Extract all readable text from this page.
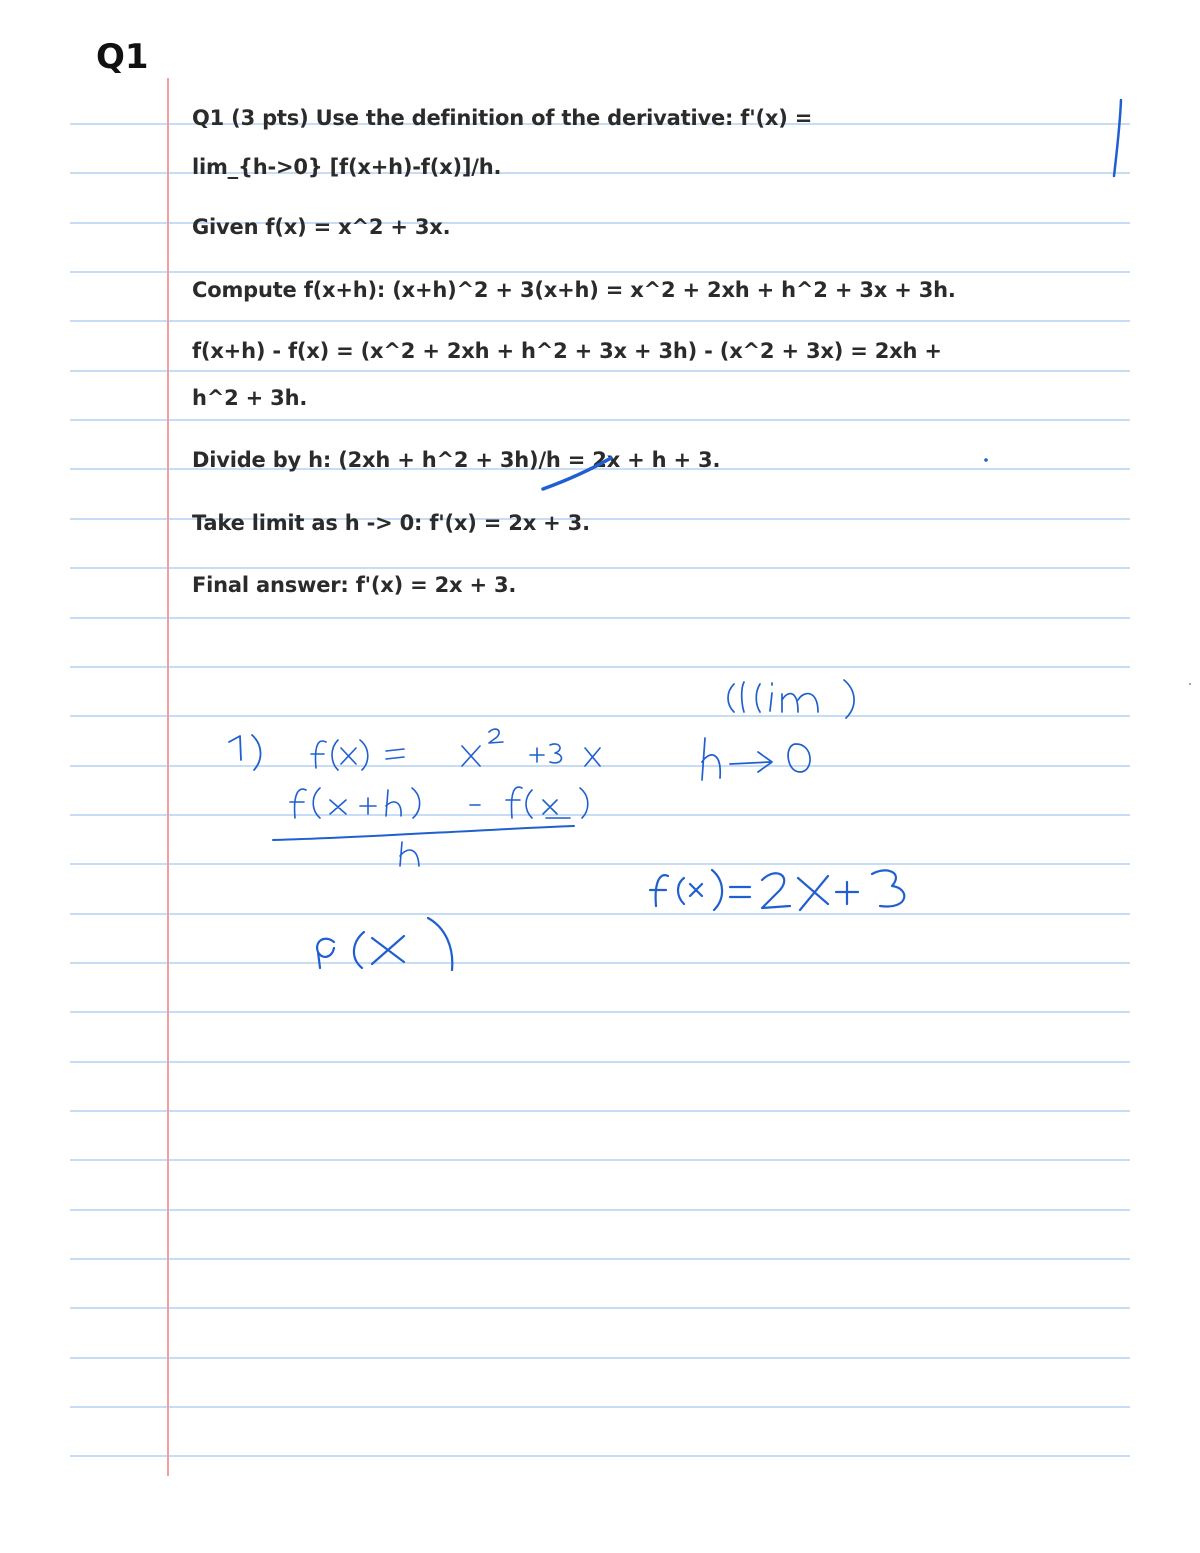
Q1
Q1 (3 pts) Use the definition of the derivative: f'(x) =
lim_{h->0} [f(x+h)-f(x)]/h.
Given f(x) = x^2 + 3x.
Compute f(x+h): (x+h)^2 + 3(x+h) = x^2 + 2xh + h^2 + 3x + 3h.
f(x+h) - f(x) = (x^2 + 2xh + h^2 + 3x + 3h) - (x^2 + 3x) = 2xh +
h^2 + 3h.
Divide by h: (2xh + h^2 + 3h)/h = 2x + h + 3.
Take limit as h -> 0: f'(x) = 2x + 3.
Final answer: f'(x) = 2x + 3.
